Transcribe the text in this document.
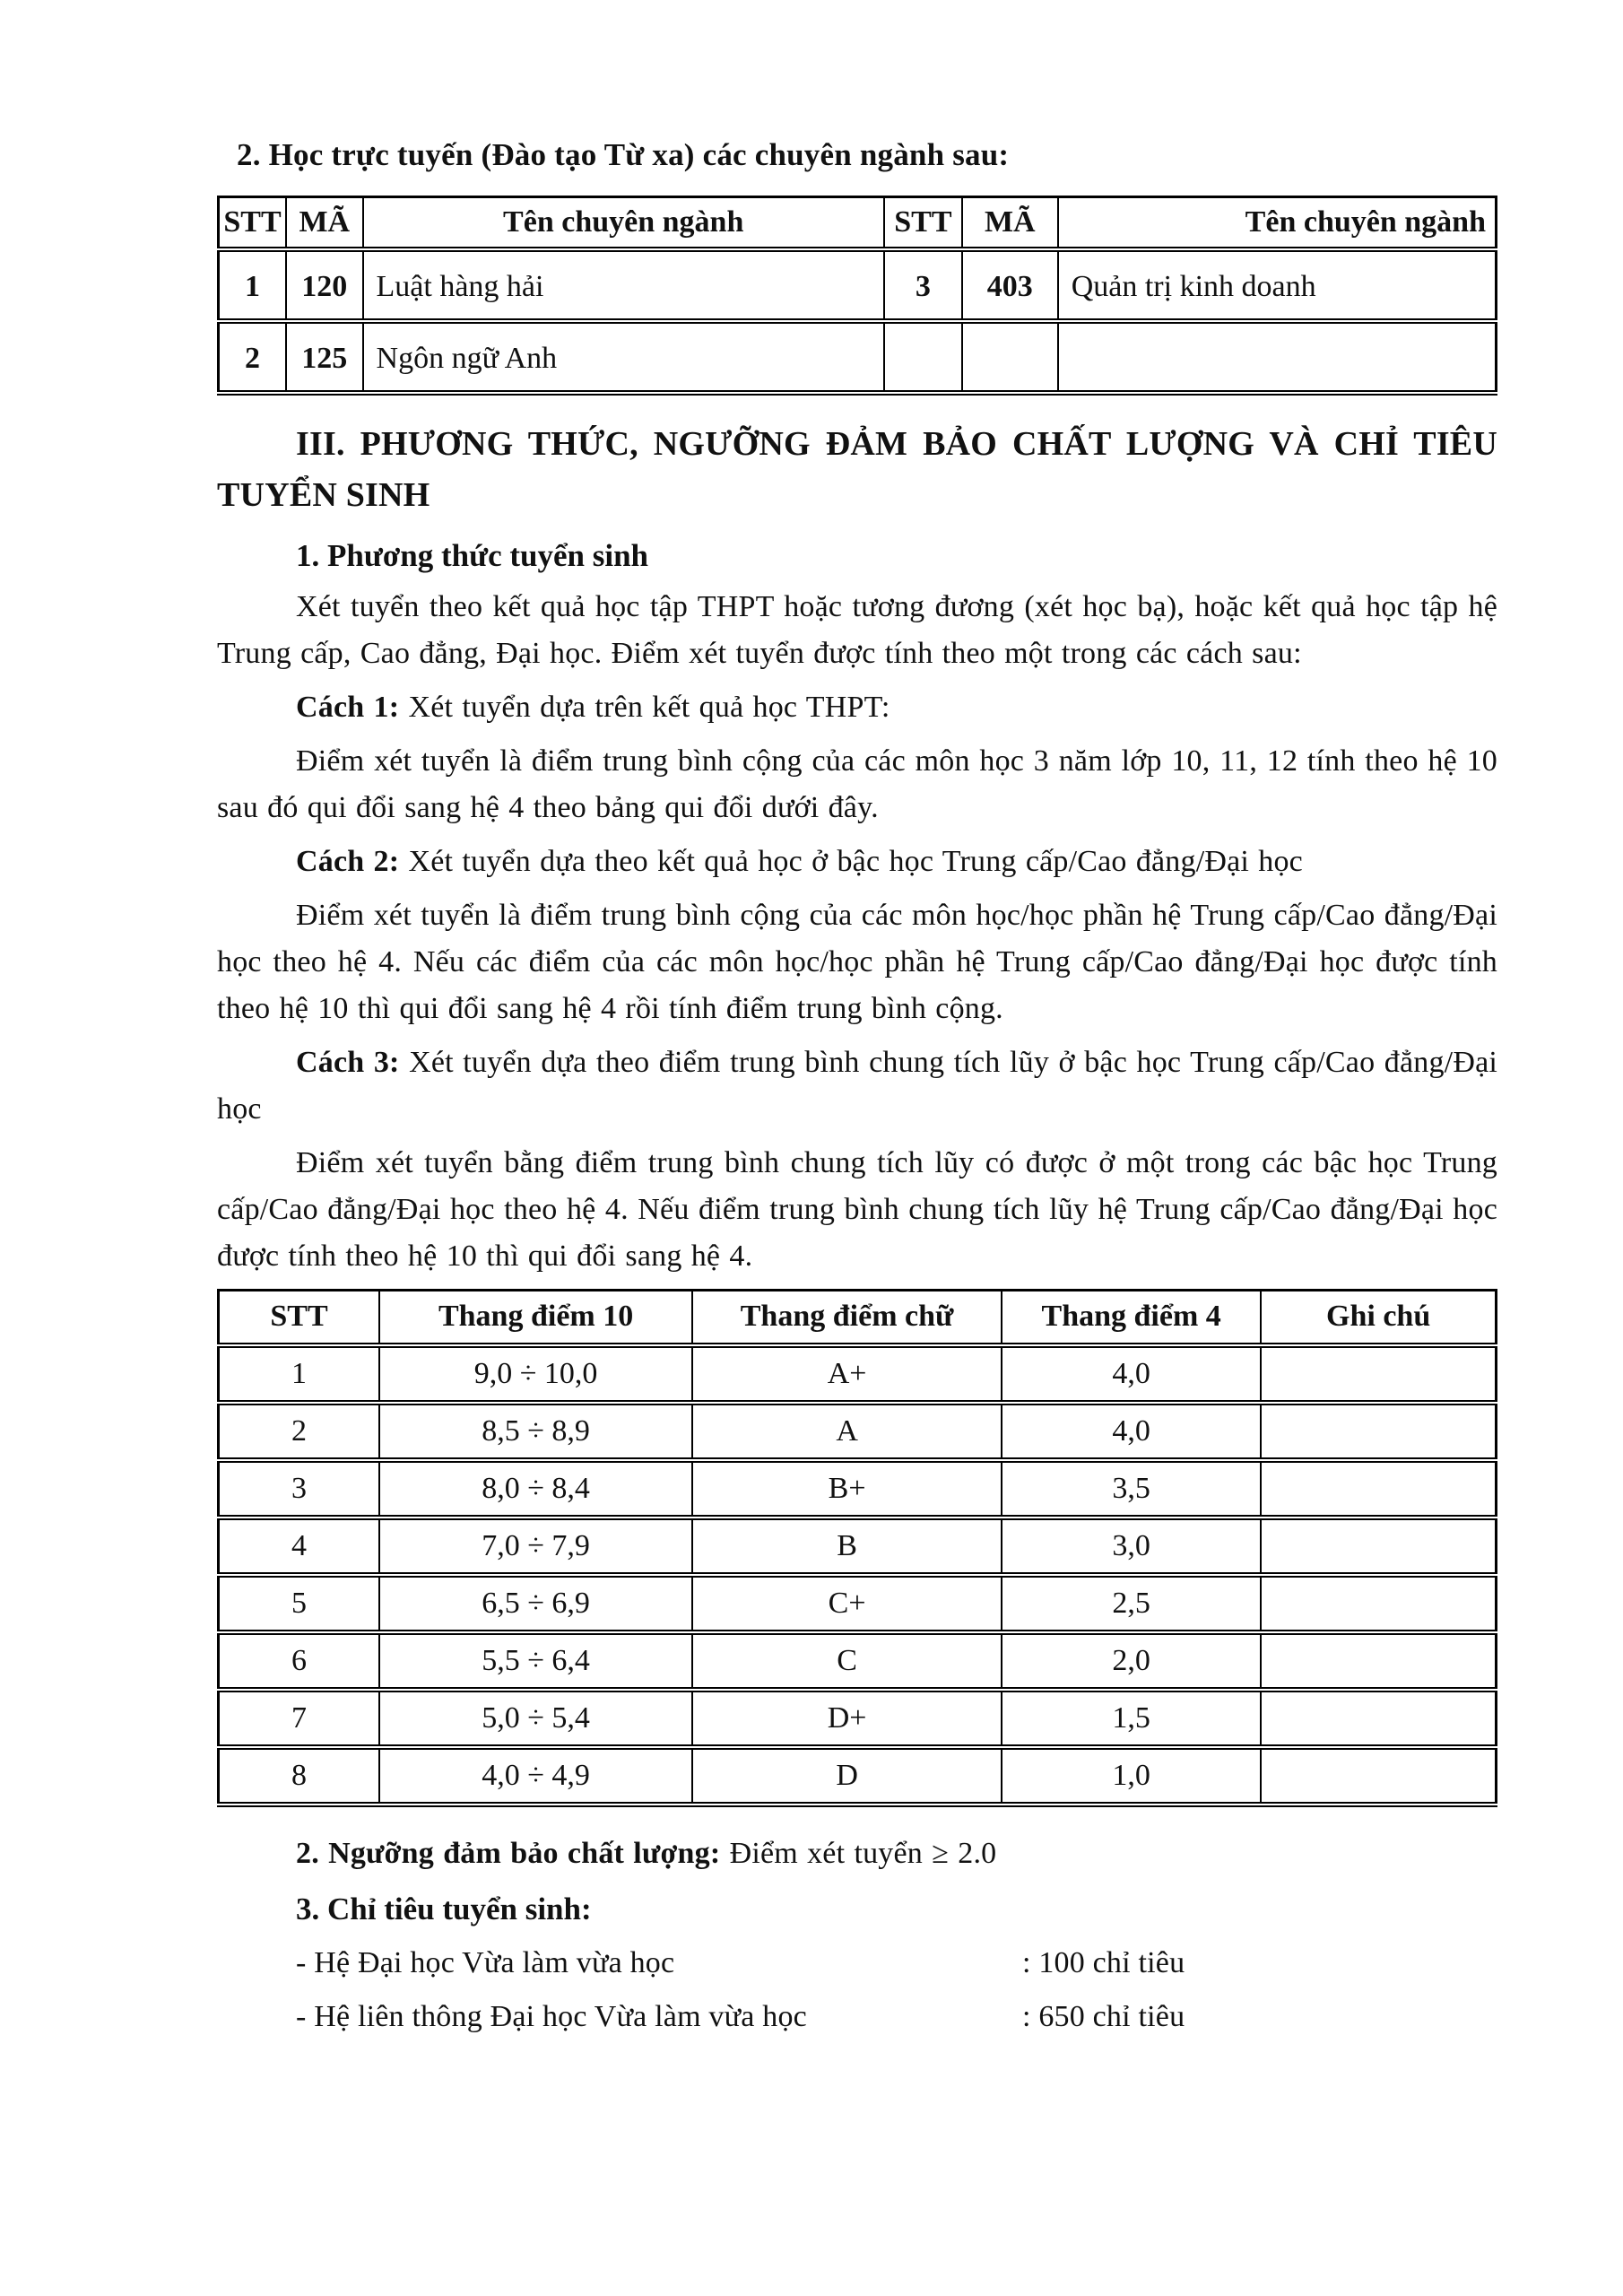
2. Học trực tuyến (Đào tạo Từ xa) các chuyên ngành sau:
STT	MÃ	Tên chuyên ngành	STT	MÃ	Tên chuyên ngành
1	120	Luật hàng hải	3	403	Quản trị kinh doanh
2	125	Ngôn ngữ Anh			
III. PHƯƠNG THỨC, NGƯỠNG ĐẢM BẢO CHẤT LƯỢNG VÀ CHỈ TIÊU
TUYỂN SINH

1. Phương thức tuyển sinh

Xét tuyển theo kết quả học tập THPT hoặc tương đương (xét học bạ), hoặc kết quả học tập hệ Trung cấp, Cao đẳng, Đại học. Điểm xét tuyển được tính theo một trong các cách sau:

Cách 1: Xét tuyển dựa trên kết quả học THPT:

Điểm xét tuyển là điểm trung bình cộng của các môn học 3 năm lớp 10, 11, 12 tính theo hệ 10 sau đó qui đổi sang hệ 4 theo bảng qui đổi dưới đây.

Cách 2: Xét tuyển dựa theo kết quả học ở bậc học Trung cấp/Cao đẳng/Đại học

Điểm xét tuyển là điểm trung bình cộng của các môn học/học phần hệ Trung cấp/Cao đẳng/Đại học theo hệ 4. Nếu các điểm của các môn học/học phần hệ Trung cấp/Cao đẳng/Đại học được tính theo hệ 10 thì qui đổi sang hệ 4 rồi tính điểm trung bình cộng.

Cách 3: Xét tuyển dựa theo điểm trung bình chung tích lũy ở bậc học Trung cấp/Cao đẳng/Đại học

Điểm xét tuyển bằng điểm trung bình chung tích lũy có được ở một trong các bậc học Trung cấp/Cao đẳng/Đại học theo hệ 4. Nếu điểm trung bình chung tích lũy hệ Trung cấp/Cao đẳng/Đại học được tính theo hệ 10 thì qui đổi sang hệ 4.

STT	Thang điểm 10	Thang điểm chữ	Thang điểm 4	Ghi chú
1	9,0 ÷ 10,0	A+	4,0	
2	8,5 ÷ 8,9	A	4,0	
3	8,0 ÷ 8,4	B+	3,5	
4	7,0 ÷ 7,9	B	3,0	
5	6,5 ÷ 6,9	C+	2,5	
6	5,5 ÷ 6,4	C	2,0	
7	5,0 ÷ 5,4	D+	1,5	
8	4,0 ÷ 4,9	D	1,0	

2. Ngưỡng đảm bảo chất lượng: Điểm xét tuyển ≥ 2.0

3. Chỉ tiêu tuyển sinh:

- Hệ Đại học Vừa làm vừa học	: 100 chỉ tiêu
- Hệ liên thông Đại học Vừa làm vừa học	: 650 chỉ tiêu
